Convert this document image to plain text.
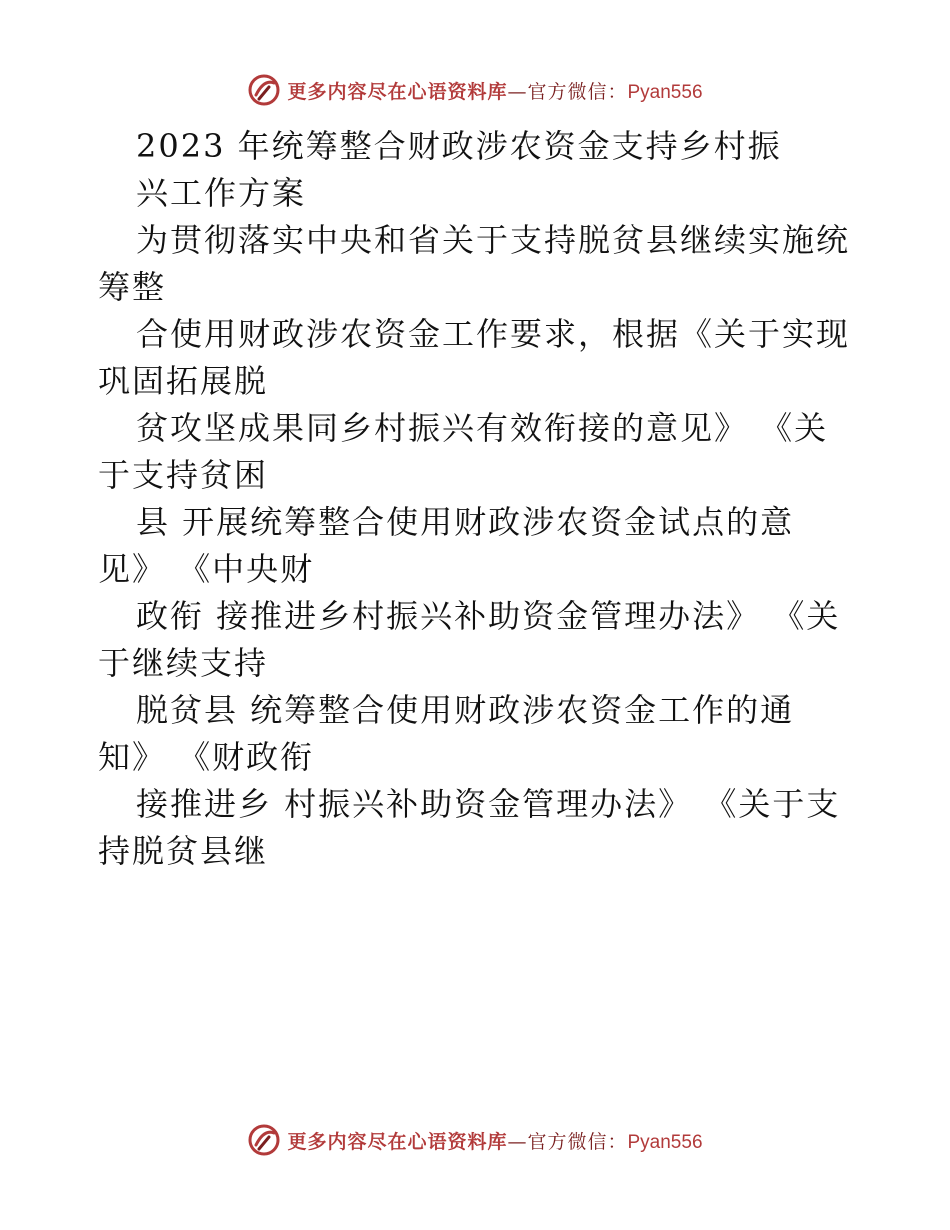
更多内容尽在心语资料库 —官方微信： Pyan556
2023 年统筹整合财政涉农资金支持乡村振
兴工作方案
为贯彻落实中央和省关于支持脱贫县继续实施统
筹整
合使用财政涉农资金工作要求，根据《关于实现
巩固拓展脱
贫攻坚成果同乡村振兴有效衔接的意见》 《关
于支持贫困
县 开展统筹整合使用财政涉农资金试点的意
见》 《中央财
政衔 接推进乡村振兴补助资金管理办法》 《关
于继续支持
脱贫县 统筹整合使用财政涉农资金工作的通
知》 《财政衔
接推进乡 村振兴补助资金管理办法》 《关于支
持脱贫县继
更多内容尽在心语资料库 —官方微信： Pyan556
